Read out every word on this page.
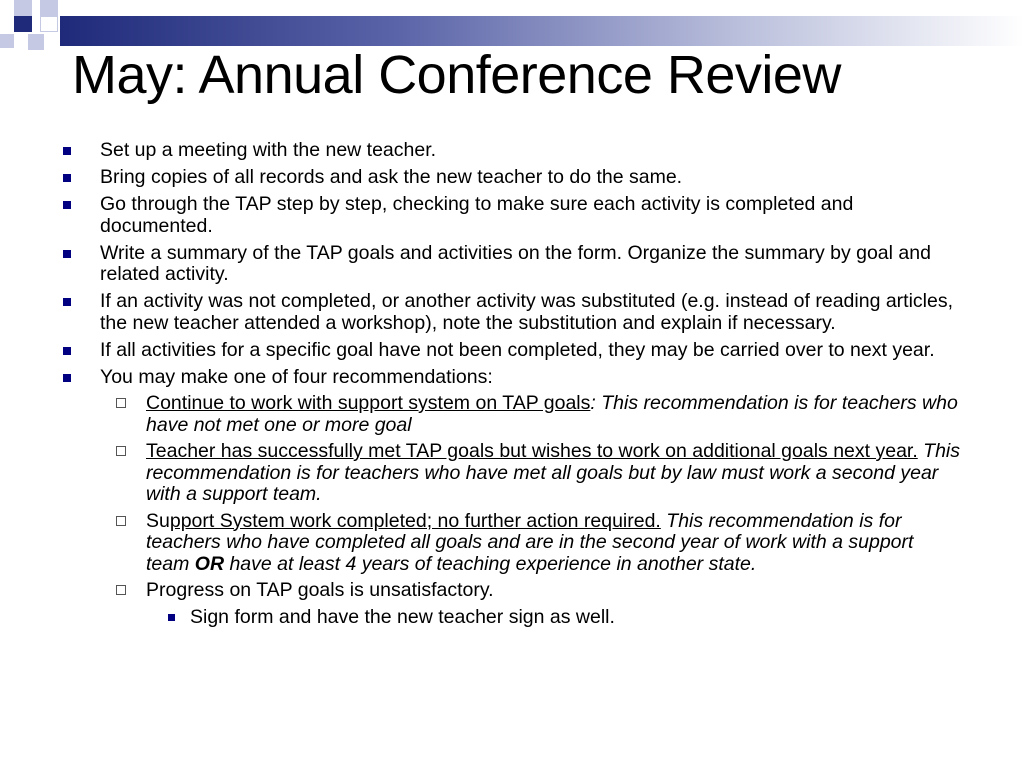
May: Annual Conference Review
Set up a meeting with the new teacher.
Bring copies of all records and ask the new teacher to do the same.
Go through the TAP step by step, checking to make sure each activity is completed and documented.
Write a summary of the TAP goals and activities on the form. Organize the summary by goal and related activity.
If an activity was not completed, or another activity was substituted (e.g. instead of reading articles, the new teacher attended a workshop), note the substitution and explain if necessary.
If all activities for a specific goal have not been completed, they may be carried over to next year.
You may make one of four recommendations:
Continue to work with support system on TAP goals: This recommendation is for teachers who have not met one or more goal
Teacher has successfully met TAP goals but wishes to work on additional goals next year. This recommendation is for teachers who have met all goals but by law must work a second year with a support team.
Support System work completed; no further action required. This recommendation is for teachers who have completed all goals and are in the second year of work with a support team OR have at least 4 years of teaching experience in another state.
Progress on TAP goals is unsatisfactory.
Sign form and have the new teacher sign as well.
